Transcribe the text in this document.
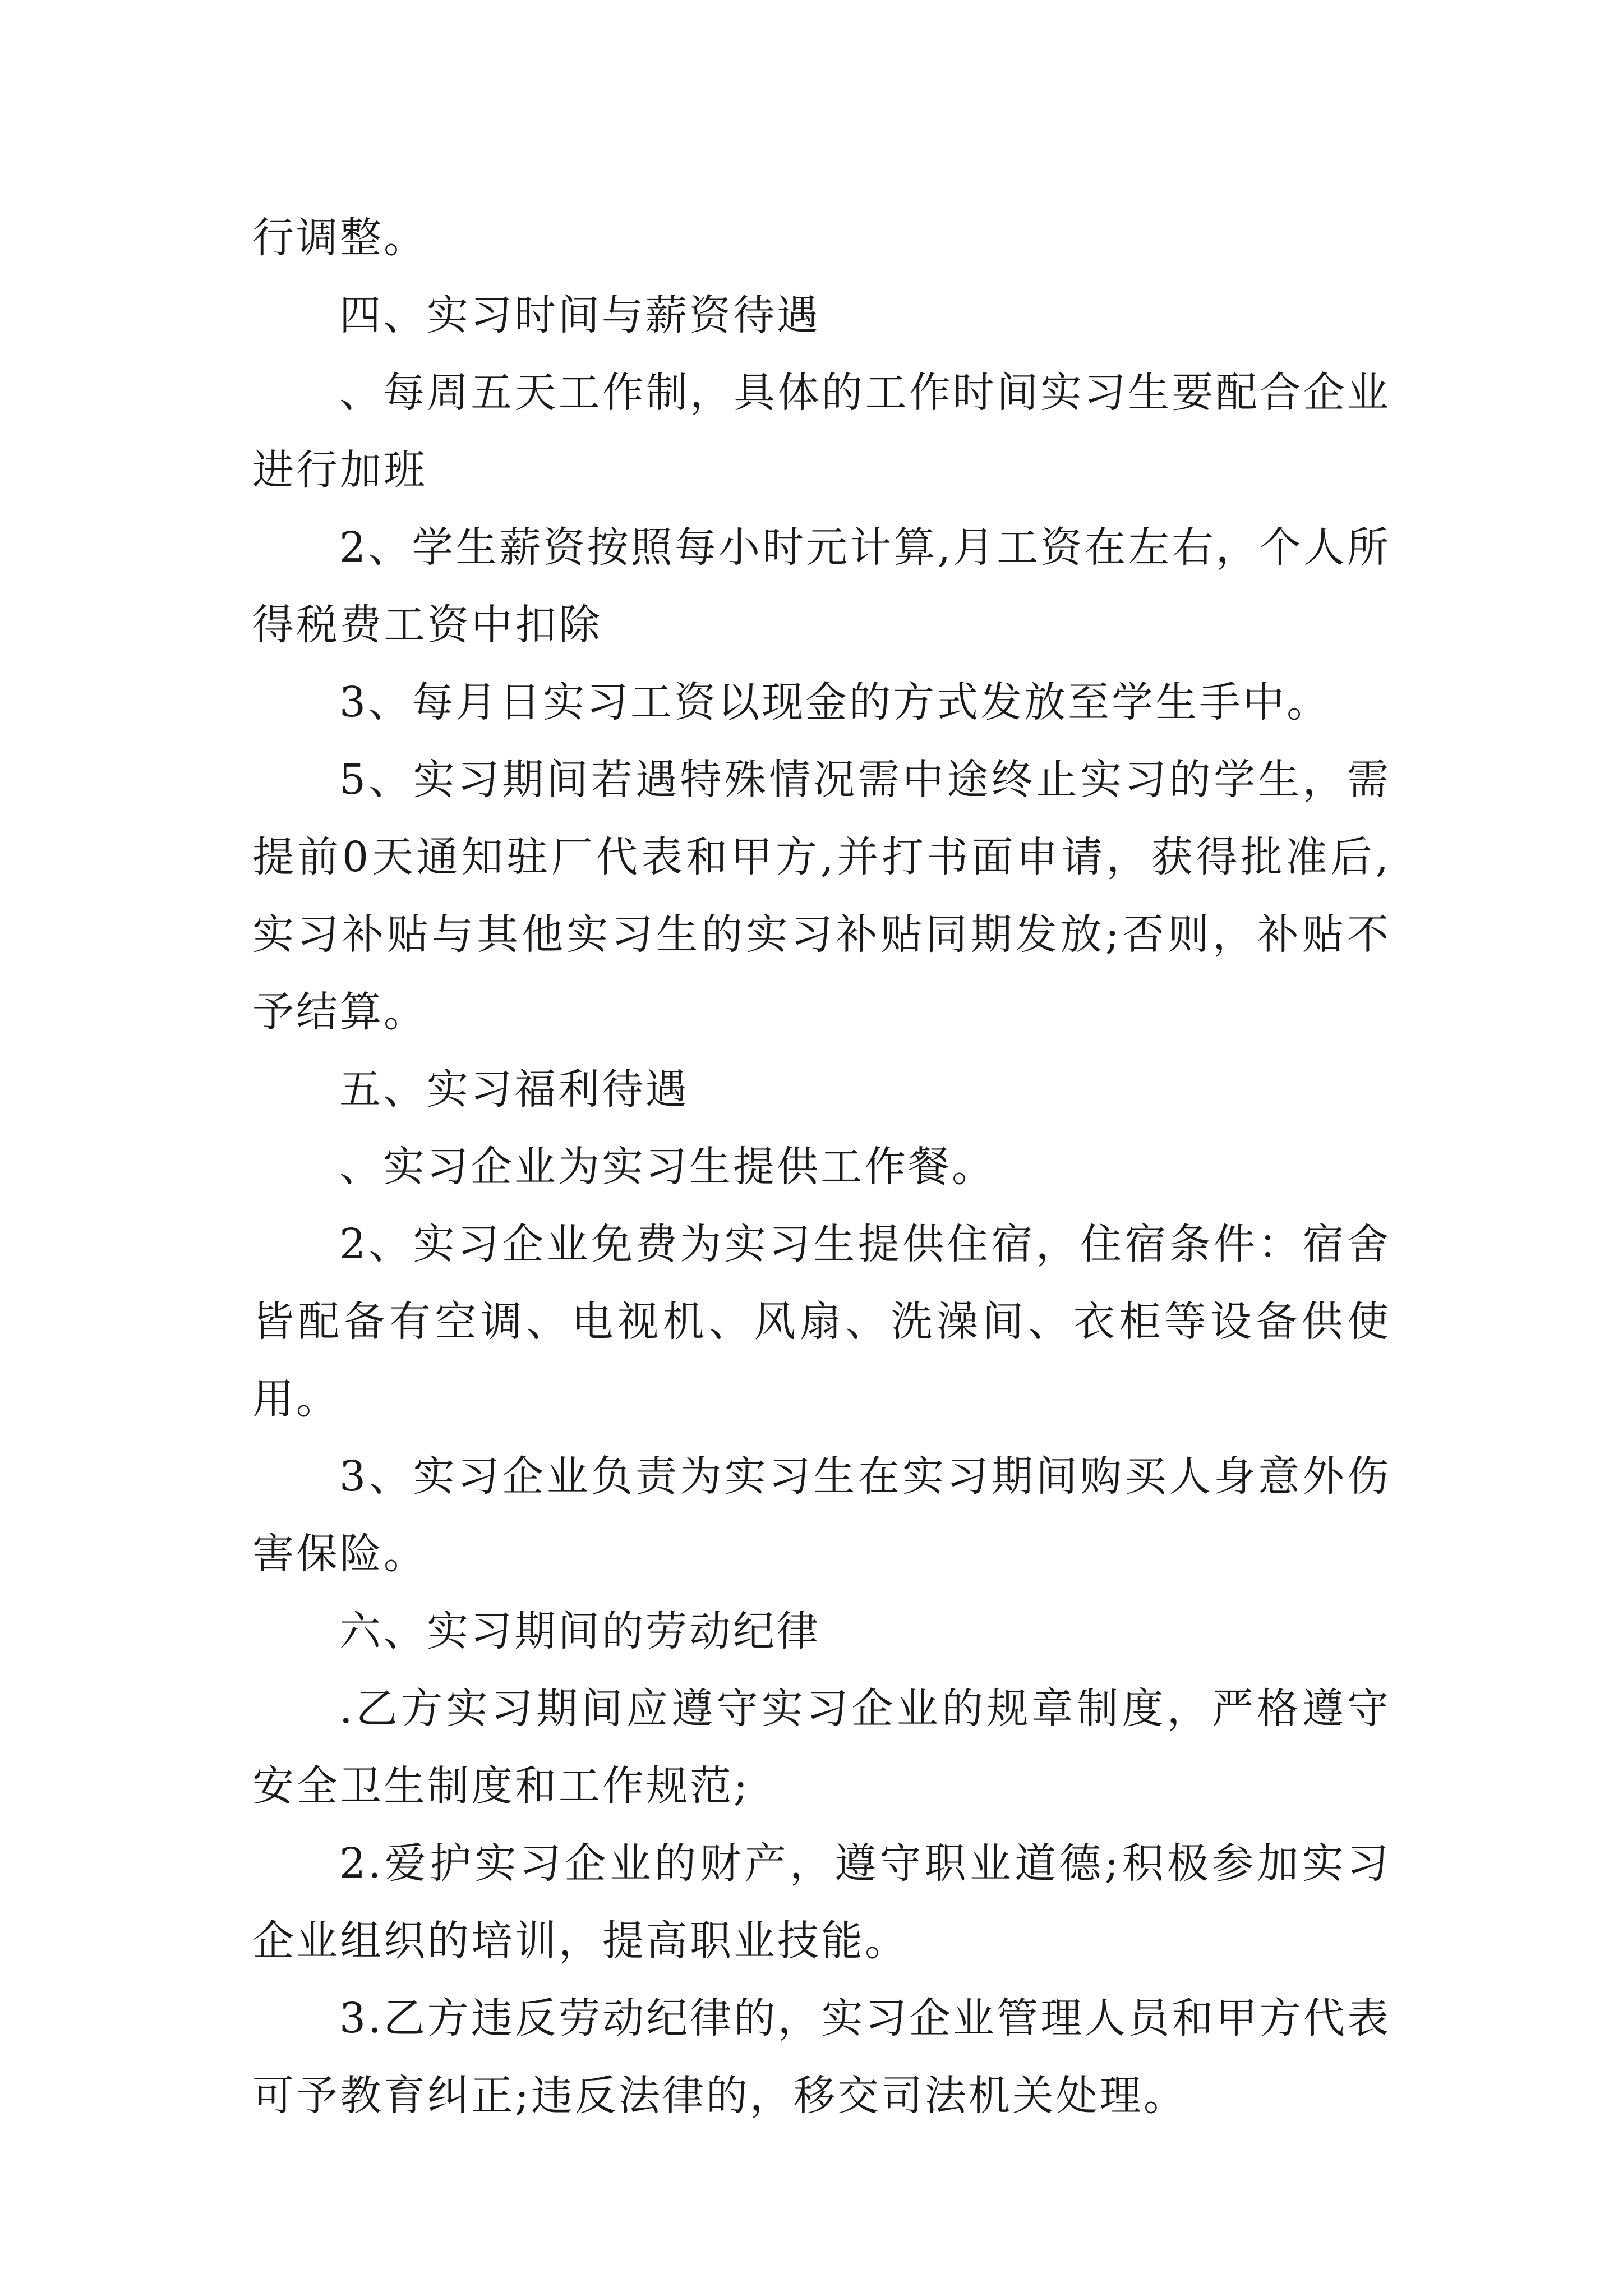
行调整。

四、实习时间与薪资待遇

、每周五天工作制，具体的工作时间实习生要配合企业进行加班

2、学生薪资按照每小时元计算,月工资在左右，个人所得税费工资中扣除

3、每月日实习工资以现金的方式发放至学生手中。

5、实习期间若遇特殊情况需中途终止实习的学生，需提前0天通知驻厂代表和甲方,并打书面申请，获得批准后,实习补贴与其他实习生的实习补贴同期发放;否则，补贴不予结算。

五、实习福利待遇

、实习企业为实习生提供工作餐。

2、实习企业免费为实习生提供住宿，住宿条件：宿舍皆配备有空调、电视机、风扇、洗澡间、衣柜等设备供使用。

3、实习企业负责为实习生在实习期间购买人身意外伤害保险。

六、实习期间的劳动纪律

.乙方实习期间应遵守实习企业的规章制度，严格遵守安全卫生制度和工作规范;

2.爱护实习企业的财产，遵守职业道德;积极参加实习企业组织的培训，提高职业技能。

3.乙方违反劳动纪律的，实习企业管理人员和甲方代表可予教育纠正;违反法律的，移交司法机关处理。
